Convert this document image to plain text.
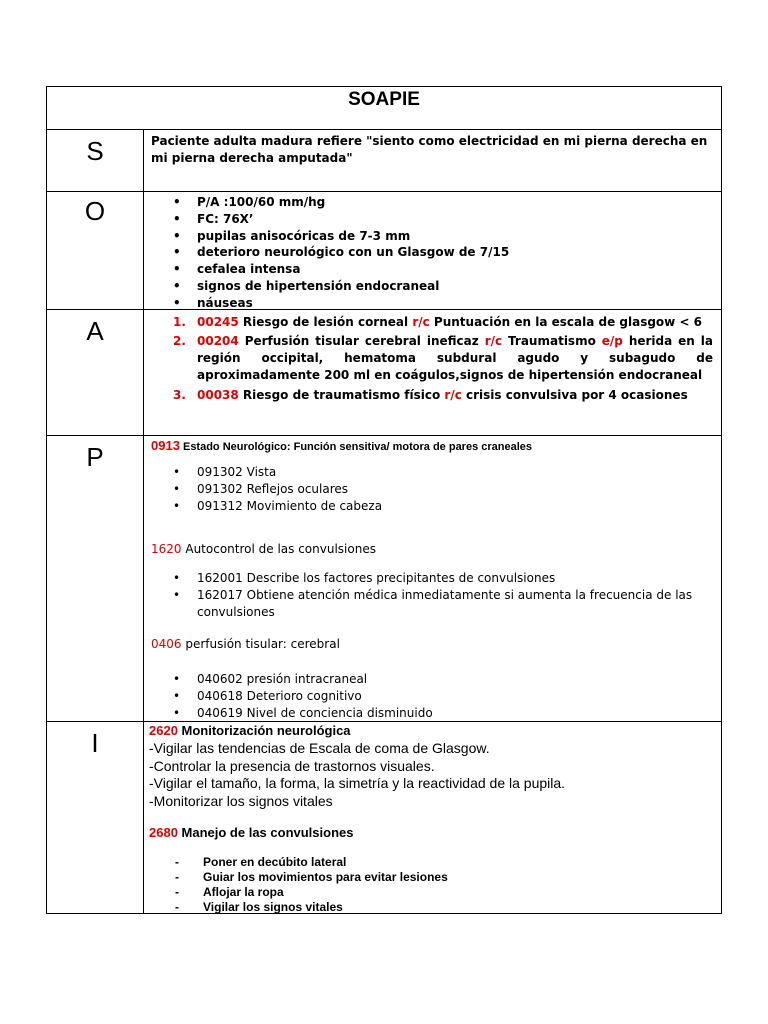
SOAPIE
S	Paciente adulta madura refiere "siento como electricidad en mi pierna derecha en mi pierna derecha amputada"
O
•	P/A :100/60 mm/hg
• FC: 76X’
• pupilas anisocóricas de 7-3 mm
• deterioro neurológico con un Glasgow de 7/15
• cefalea intensa
• signos de hipertensión endocraneal
• náuseas
A	1. 00245 Riesgo de lesión corneal r/c Puntuación en la escala de glasgow < 6
2. 00204 Perfusión tisular cerebral ineficaz r/c Traumatismo e/p herida en la región occipital, hematoma subdural agudo y subagudo de aproximadamente 200 ml en coágulos,signos de hipertensión endocraneal
3. 00038 Riesgo de traumatismo físico r/c crisis convulsiva por 4 ocasiones
P	0913 Estado Neurológico: Función sensitiva/ motora de pares craneales
• 091302 Vista
• 091302 Reflejos oculares
• 091312 Movimiento de cabeza
1620 Autocontrol de las convulsiones
• 162001 Describe los factores precipitantes de convulsiones
• 162017 Obtiene atención médica inmediatamente si aumenta la frecuencia de las convulsiones
0406 perfusión tisular: cerebral
• 040602 presión intracraneal
• 040618 Deterioro cognitivo
• 040619 Nivel de conciencia disminuido
I	2620 Monitorización neurológica
-Vigilar las tendencias de Escala de coma de Glasgow.
-Controlar la presencia de trastornos visuales.
-Vigilar el tamaño, la forma, la simetría y la reactividad de la pupila.
-Monitorizar los signos vitales
2680 Manejo de las convulsiones
- Poner en decúbito lateral
- Guiar los movimientos para evitar lesiones
- Aflojar la ropa
- Vigilar los signos vitales
